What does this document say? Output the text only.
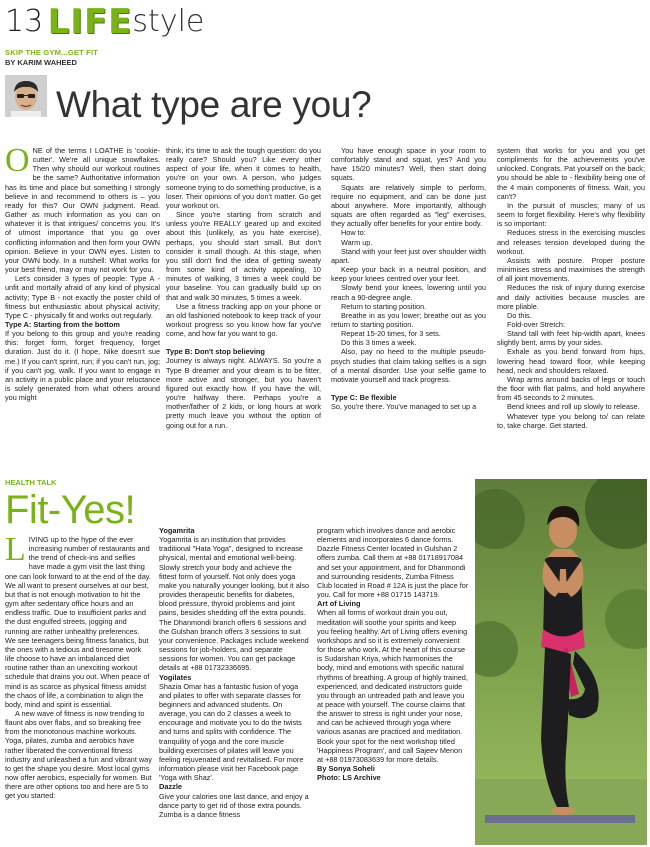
13 LIFEstyle
SKIP THE GYM...GET FIT
BY KARIM WAHEED
What type are you?

ONE of the terms I LOATHE is 'cookie-cutter'. We're all unique snowflakes. Then why should our workout routines be the same? Authoritative information has its time and place but something I strongly believe in and recommend to others is – you ready for this? Our OWN judgment. Read. Gather as much information as you can on whatever it is that intrigues/ concerns you. It's of utmost importance that you go over conflicting information and then form your OWN opinion. Believe in your OWN eyes. Listen to your OWN body. In a nutshell: What works for your best friend, may or may not work for you.

Let's consider 3 types of people: Type A - unfit and mortally afraid of any kind of physical activity; Type B - not exactly the poster child of fitness but enthusiastic about physical activity; Type C - physically fit and works out regularly.

Type A: Starting from the bottom

If you belong to this group and you're reading this: forget form, forget frequency, forget duration. Just do it. (I hope, Nike doesn't sue me.) If you can't sprint, run; if you can't run, jog; if you can't jog, walk. If you want to engage in an activity in a public place and your reluctance is solely generated from what others around you might

think, it's time to ask the tough question: do you really care? Should you? Like every other aspect of your life, when it comes to health, you're on your own. A person, who judges someone trying to do something productive, is a loser. Their opinions of you don't matter. Go get your workout on.

Since you're starting from scratch and unless you're REALLY geared up and excited about this (unlikely, as you hate exercise), perhaps, you should start small. But don't consider it small though. At this stage, when you still don't find the idea of getting sweaty from some kind of activity appealing, 10 minutes of walking, 3 times a week could be your baseline. You can gradually build up on that and walk 30 minutes, 5 times a week.

Use a fitness tracking app on your phone or an old fashioned notebook to keep track of your workout progress so you know how far you've come, and how far you want to go.

Type B: Don't stop believing

Journey is always night. ALWAYS. So you're a Type B dreamer and your dream is to be fitter, more active and stronger, but you haven't figured out exactly how. If you have the will, you're halfway there. Perhaps you're a mother/father of 2 kids, or long hours at work pretty much leave you without the option of going out for a run.

You have enough space in your room to comfortably stand and squat, yes? And you have 15/20 minutes? Well, then start doing squats.

Squats are relatively simple to perform, require no equipment, and can be done just about anywhere. More importantly, although squats are often regarded as "leg" exercises, they actually offer benefits for your entire body.

How to:

Warm up.

Stand with your feet just over shoulder width apart.

Keep your back in a neutral position, and keep your knees centred over your feet.

Slowly bend your knees, lowering until you reach a 90-degree angle.

Return to starting position.

Breathe in as you lower; breathe out as you return to starting position.

Repeat 15-20 times, for 3 sets.

Do this 3 times a week.

Also, pay no heed to the multiple pseudo-psych studies that claim taking selfies is a sign of a mental disorder. Use your selfie game to motivate yourself and track progress.

Type C: Be flexible

So, you're there. You've managed to set up a

system that works for you and you get compliments for the achievements you've unlocked. Congrats. Pat yourself on the back; you should be able to - flexibility being one of the 4 main components of fitness. Wait, you can't?

In the pursuit of muscles; many of us seem to forget flexibility. Here's why flexibility is so important:

Reduces stress in the exercising muscles and releases tension developed during the workout.

Assists with posture. Proper posture minimises stress and maximises the strength of all joint movements.

Reduces the risk of injury during exercise and daily activities because muscles are more pliable.

Do this.

Fold-over Stretch:

Stand tall with feet hip-width apart, knees slightly bent, arms by your sides.

Exhale as you bend forward from hips, lowering head toward floor, while keeping head, neck and shoulders relaxed.

Wrap arms around backs of legs or touch the floor with flat palms, and hold anywhere from 45 seconds to 2 minutes.

Bend knees and roll up slowly to release.

Whatever type you belong to/ can relate to, take charge. Get started.

HEALTH TALK
Fit-Yes!

LIVING up to the hype of the ever increasing number of restaurants and the trend of check-ins and selfies have made a gym visit the last thing one can look forward to at the end of the day. We all want to present ourselves at our best, but that is not enough motivation to hit the gym after sedentary office hours and an endless traffic. Due to insufficient parks and the dust engulfed streets, jogging and running are rather unhealthy preferences. We see teenagers being fitness fanatics, but the ones with a tedious and tiresome work life choose to have an imbalanced diet routine rather than an unexciting workout schedule that drains you out. When peace of mind is as scarce as physical fitness amidst the chaos of life, a combination to align the body, mind and spirit is essential.

A new wave of fitness is now trending to flaunt abs over flabs, and so breaking free from the monotonous machine workouts. Yoga, pilates, zumba and aerobics have rather liberated the conventional fitness industry and unleashed a fun and vibrant way to get the shape you desire. Most local gyms now offer aerobics, especially for women. But there are other options too and here are 5 to get you started:

Yogamrita

Yogamrita is an institution that provides traditional "Hata Yoga", designed to increase physical, mental and emotional well-being. Slowly stretch your body and achieve the fittest form of yourself. Not only does yoga make you naturally younger looking, but it also provides therapeutic benefits for diabetes, blood pressure, thyroid problems and joint pains, besides shedding off the extra pounds. The Dhanmondi branch offers 6 sessions and the Gulshan branch offers 3 sessions to suit your convenience. Packages include weekend sessions for job-holders, and separate sessions for women. You can get package details at +88 01732336695.

Yogilates

Shazia Omar has a fantastic fusion of yoga and pilates to offer with separate classes for beginners and advanced students. On average, you can do 2 classes a week to encourage and motivate you to do the twists and turns and splits with confidence. The tranquility of yoga and the core muscle building exercises of pilates will leave you feeling rejuvenated and revitalised. For more information please visit her Facebook page 'Yoga with Shaz'.

Dazzle

Give your calories one last dance, and enjoy a dance party to get rid of those extra pounds. Zumba is a dance fitness

program which involves dance and aerobic elements and incorporates 6 dance forms. Dazzle Fitness Center located in Gulshan 2 offers zumba. Call them at +88 01718917084 and set your appointment, and for Dhanmondi and surrounding residents, Zumba Fitness Club located in Road # 12A is just the place for you. Call for more +88 01715 143719.

Art of Living

When all forms of workout drain you out, meditation will soothe your spirits and keep you feeling healthy. Art of Living offers evening workshops and so it is extremely convenient for those who work. At the heart of this course is Sudarshan Kriya, which harmonises the body, mind and emotions with specific natural rhythms of breathing. A group of highly trained, experienced, and dedicated instructors guide you through an untreaded path and leave you at peace with yourself. The course claims that the answer to stress is right under your nose, and can be achieved through yoga where various asanas are practiced and meditation. Book your spot for the next workshop titled 'Happiness Program', and call Sajeev Menon at +88 01973083639 for more details.

By Sonya Soheli
Photo: LS Archive
